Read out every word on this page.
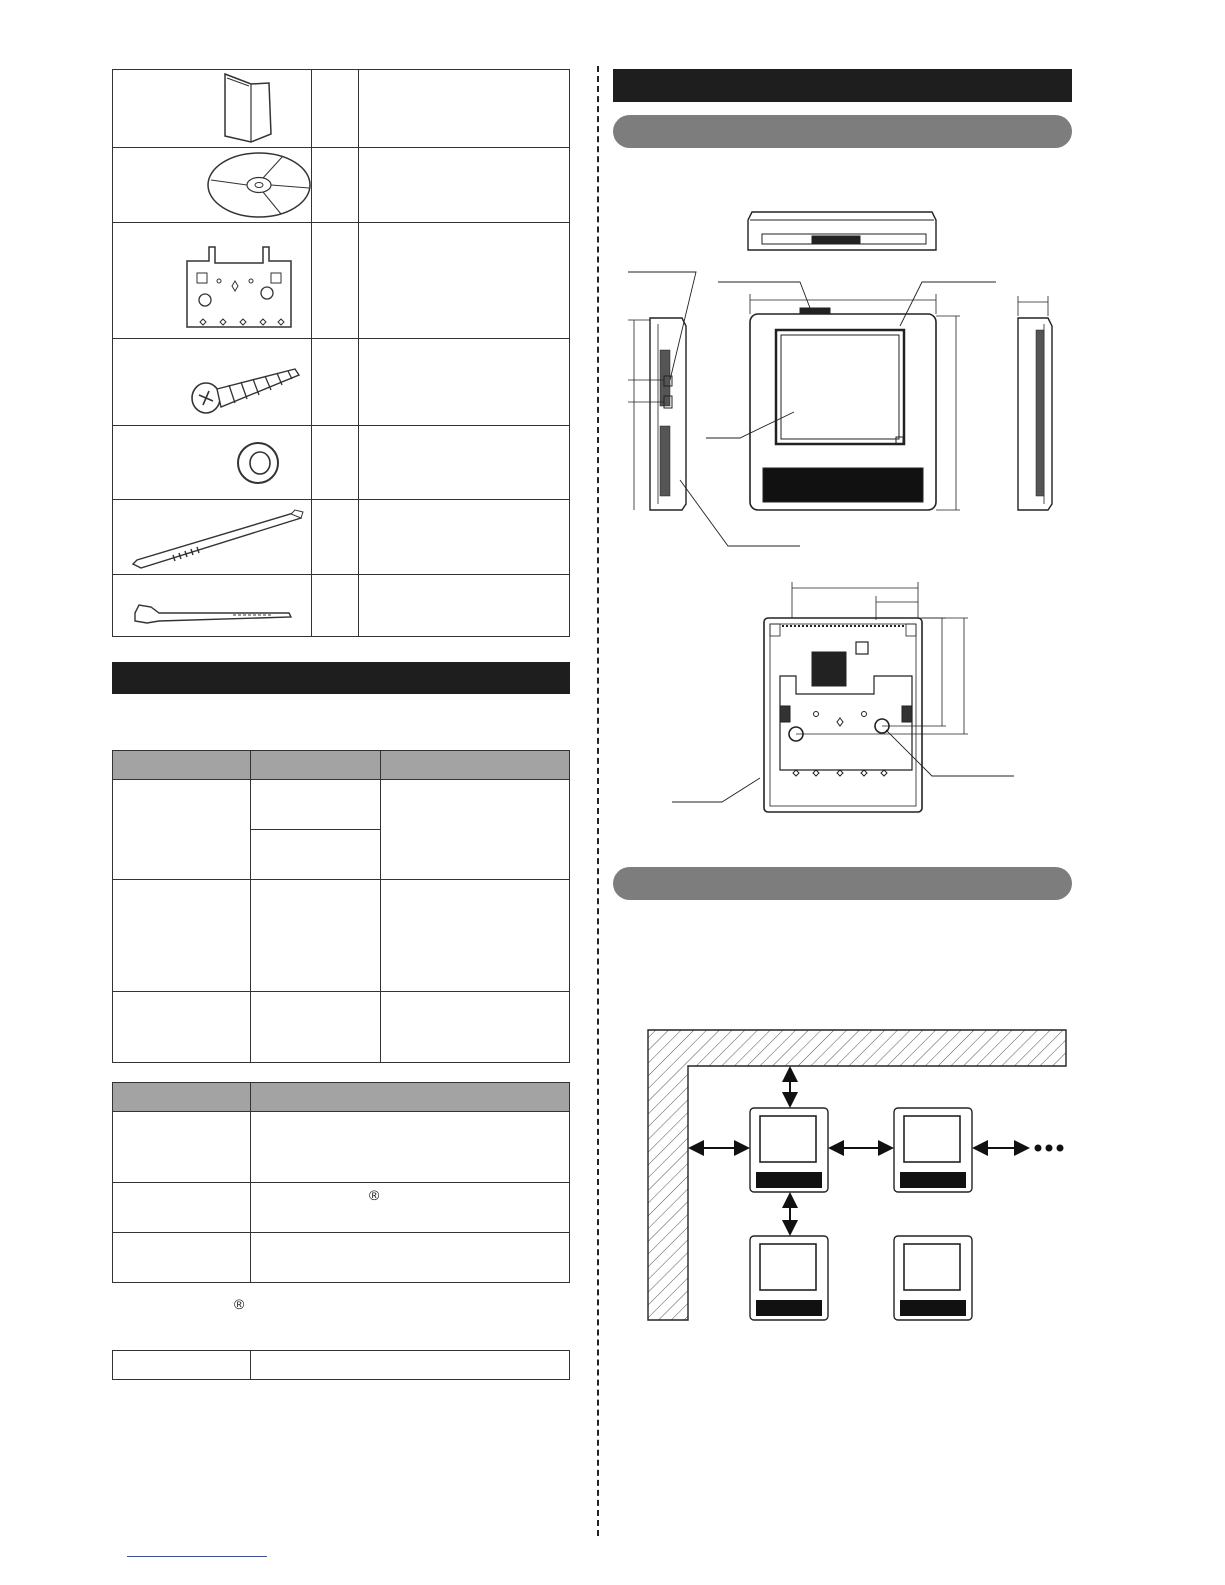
	®

®
